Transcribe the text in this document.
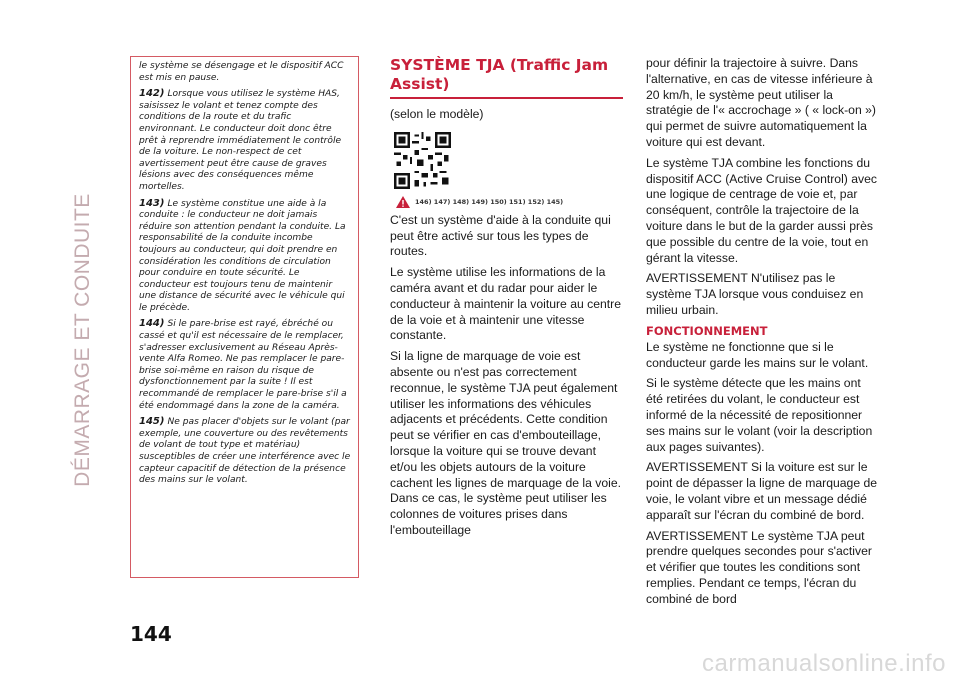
DÉMARRAGE ET CONDUITE

le système se désengage et le dispositif ACC est mis en pause.

142) Lorsque vous utilisez le système HAS, saisissez le volant et tenez compte des conditions de la route et du trafic environnant. Le conducteur doit donc être prêt à reprendre immédiatement le contrôle de la voiture. Le non-respect de cet avertissement peut être cause de graves lésions avec des conséquences même mortelles.

143) Le système constitue une aide à la conduite : le conducteur ne doit jamais réduire son attention pendant la conduite. La responsabilité de la conduite incombe toujours au conducteur, qui doit prendre en considération les conditions de circulation pour conduire en toute sécurité. Le conducteur est toujours tenu de maintenir une distance de sécurité avec le véhicule qui le précède.

144) Si le pare-brise est rayé, ébréché ou cassé et qu'il est nécessaire de le remplacer, s'adresser exclusivement au Réseau Après-vente Alfa Romeo. Ne pas remplacer le pare-brise soi-même en raison du risque de dysfonctionnement par la suite ! Il est recommandé de remplacer le pare-brise s'il a été endommagé dans la zone de la caméra.

145) Ne pas placer d'objets sur le volant (par exemple, une couverture ou des revêtements de volant de tout type et matériau) susceptibles de créer une interférence avec le capteur capacitif de détection de la présence des mains sur le volant.

144
SYSTÈME TJA (Traffic Jam Assist)

(selon le modèle)

146) 147) 148) 149) 150) 151) 152) 145)

C'est un système d'aide à la conduite qui peut être activé sur tous les types de routes.

Le système utilise les informations de la caméra avant et du radar pour aider le conducteur à maintenir la voiture au centre de la voie et à maintenir une vitesse constante.

Si la ligne de marquage de voie est absente ou n'est pas correctement reconnue, le système TJA peut également utiliser les informations des véhicules adjacents et précédents. Cette condition peut se vérifier en cas d'embouteillage, lorsque la voiture qui se trouve devant et/ou les objets autours de la voiture cachent les lignes de marquage de la voie. Dans ce cas, le système peut utiliser les colonnes de voitures prises dans l'embouteillage

pour définir la trajectoire à suivre. Dans l'alternative, en cas de vitesse inférieure à 20 km/h, le système peut utiliser la stratégie de l'« accrochage » ( « lock-on ») qui permet de suivre automatiquement la voiture qui est devant.

Le système TJA combine les fonctions du dispositif ACC (Active Cruise Control) avec une logique de centrage de voie et, par conséquent, contrôle la trajectoire de la voiture dans le but de la garder aussi près que possible du centre de la voie, tout en gérant la vitesse.

AVERTISSEMENT N'utilisez pas le système TJA lorsque vous conduisez en milieu urbain.

FONCTIONNEMENT

Le système ne fonctionne que si le conducteur garde les mains sur le volant.

Si le système détecte que les mains ont été retirées du volant, le conducteur est informé de la nécessité de repositionner ses mains sur le volant (voir la description aux pages suivantes).

AVERTISSEMENT Si la voiture est sur le point de dépasser la ligne de marquage de voie, le volant vibre et un message dédié apparaît sur l'écran du combiné de bord.

AVERTISSEMENT Le système TJA peut prendre quelques secondes pour s'activer et vérifier que toutes les conditions sont remplies. Pendant ce temps, l'écran du combiné de bord

carmanualsonline.info
